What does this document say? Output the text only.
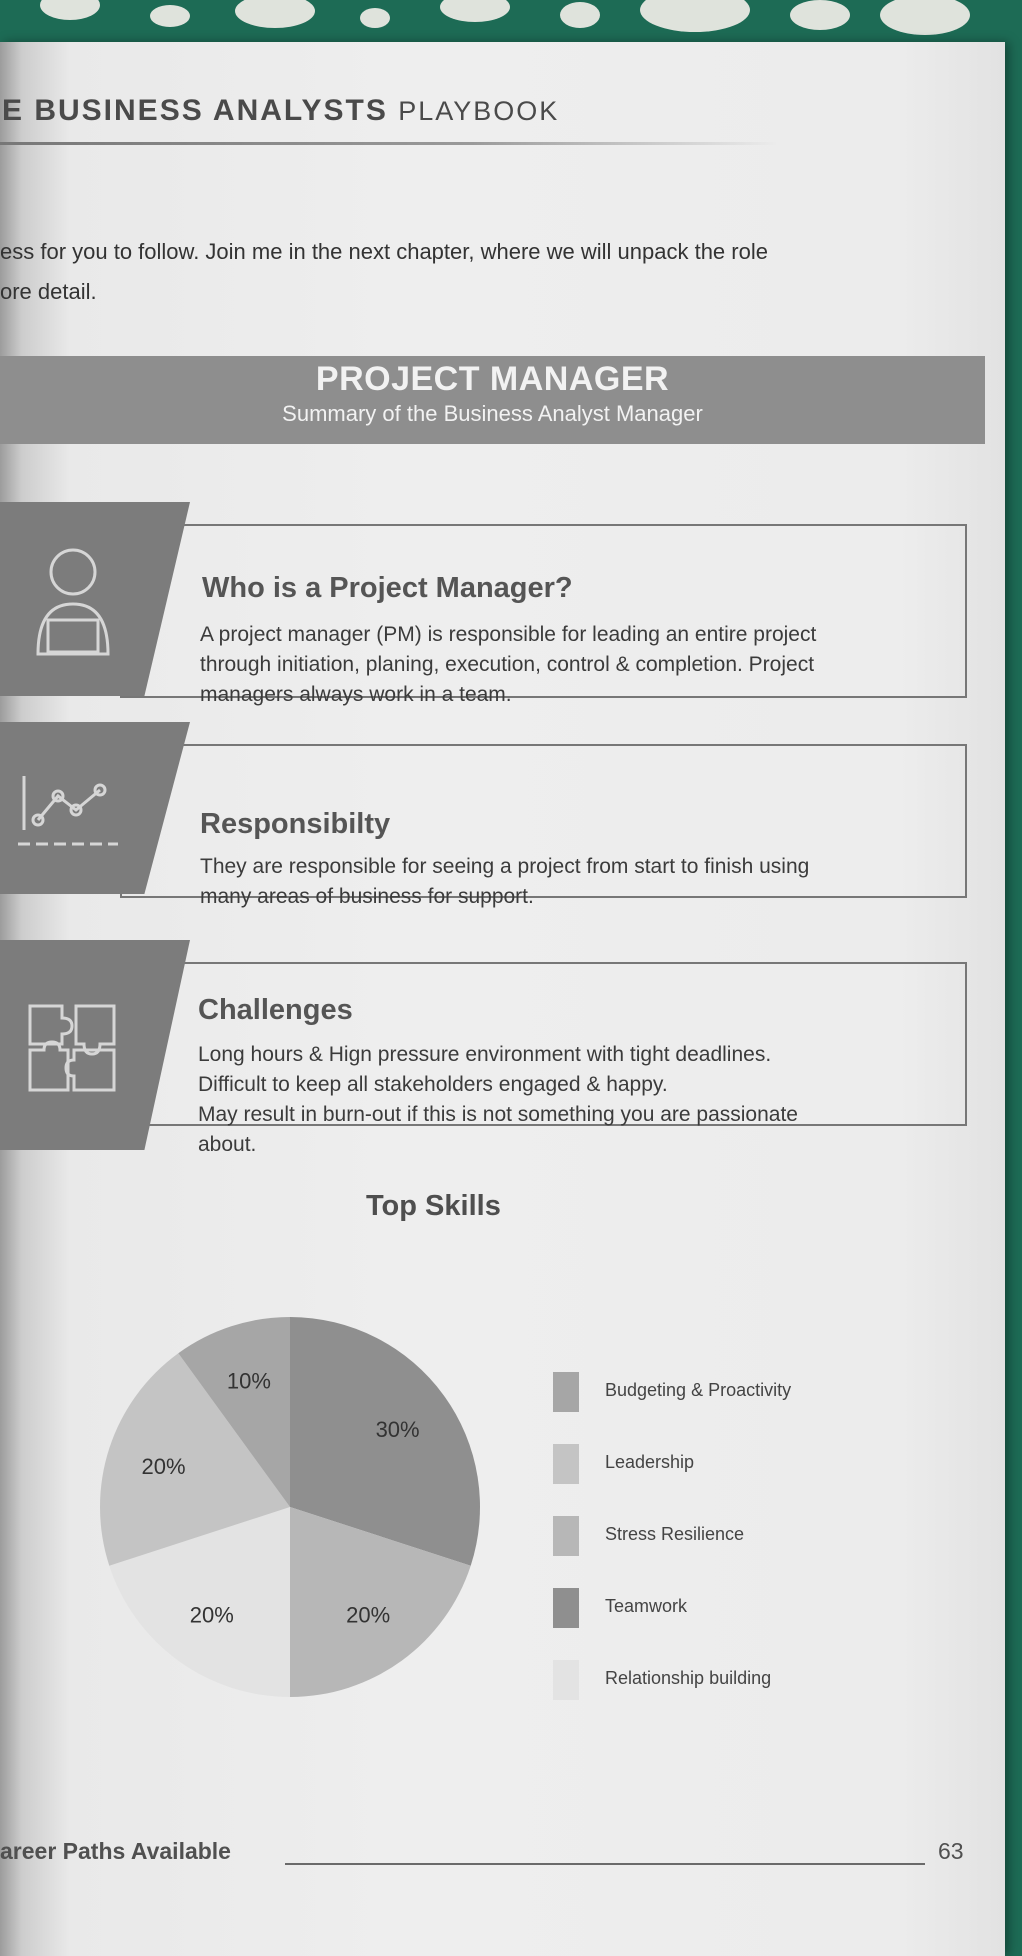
E BUSINESS ANALYSTS PLAYBOOK
ess for you to follow. Join me in the next chapter, where we will unpack the role
ore detail.
PROJECT MANAGER
Summary of the Business Analyst Manager
Who is a Project Manager?
A project manager (PM) is responsible for leading an entire project
through initiation, planing, execution, control & completion. Project
managers always work in a team.
Responsibilty
They are responsible for seeing a project from start to finish using
many areas of business for support.
Challenges
Long hours & Hign pressure environment with tight deadlines.
Difficult to keep all stakeholders engaged & happy.
May result in burn-out if this is not something you are passionate
about.
Top Skills
30%
20%
20%
20%
10%	Budgeting & Proactivity
Leadership
Stress Resilience
Teamwork
Relationship building
areer Paths Available	63
